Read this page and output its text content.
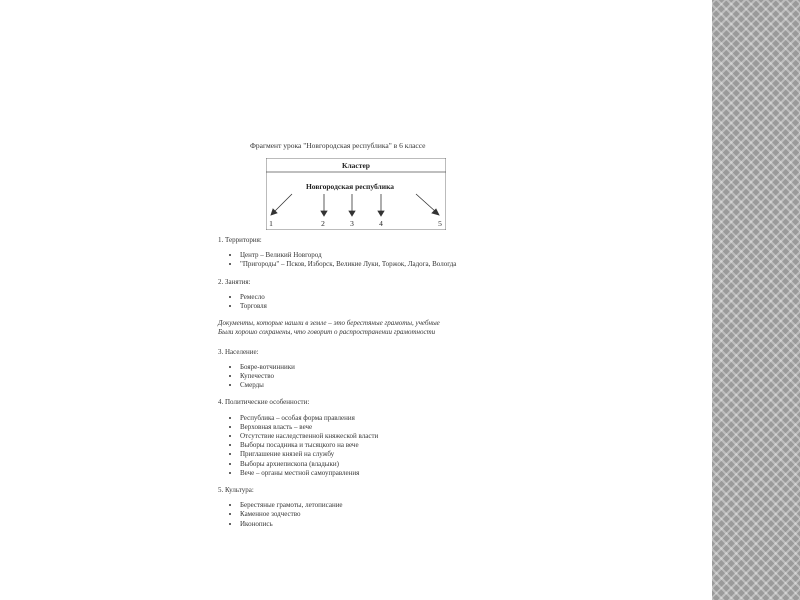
Фрагмент урока "Новгородская республика" в 6 классе
Кластер
Новгородская республика
1	2	3	4	5

1. Территория:

• Центр – Великий Новгород
• "Пригороды" – Псков, Изборск, Великие Луки, Торжок, Ладога, Вологда

2. Занятия:

• Ремесло
• Торговля
Документы, которые нашли в земле – это берестяные грамоты, учебные
Были хорошо сохранены, что говорит о распространении грамотности

3. Население:

• Бояре-вотчинники
• Купечество
• Смерды

4. Политические особенности:

• Республика – особая форма правления
• Верховная власть – вече
• Отсутствие наследственной княжеской власти
• Выборы посадника и тысяцкого на вече
• Приглашение князей на службу
• Выборы архиепископа (владыки)
• Вече – органы местной самоуправления

5. Культура:

• Берестяные грамоты, летописание
• Каменное зодчество
• Иконопись
